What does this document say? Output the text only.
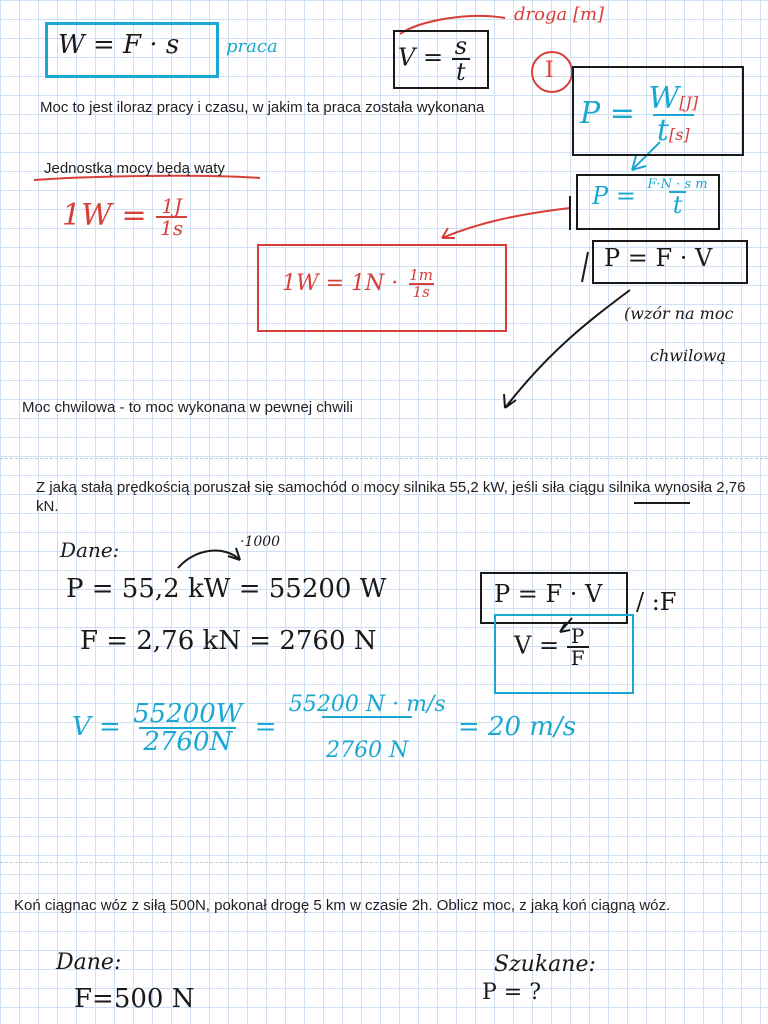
W = F · s	praca	$V = \frac{s}{t}$
droga [m]
I
$P = \frac{W[J]}{t[s]}$
Moc to jest iloraz pracy i czasu, w jakim ta praca została wykonana
$P = \frac{\text{F·N · s m}}{t}$
P = F · V
Jednostką mocy będą waty
$1W = \frac{1J}{1s}$
$1W = 1N \cdot \frac{1m}{1s}$
(wzór na moc
chwilową
Moc chwilowa - to moc wykonana w pewnej chwili
Z jaką stałą prędkością poruszał się samochód o mocy silnika 55,2 kW, jeśli siła ciągu silnika wynosiła 2,76 kN.
Dane:	·1000
P = 55,2 kW = 55200 W
F = 2,76 kN = 2760 N
P = F · V / :F
$V = \frac{P}{F}$
$V = \frac{55200W}{2760N} = \frac{55200 N \cdot m/s}{2760 N} = 20$ m/s
Koń ciągnac wóz z siłą 500N, pokonał drogę 5 km w czasie 2h. Oblicz moc, z jaką koń ciągną wóz.
Dane:
F=500 N
Szukane:
P = ?
